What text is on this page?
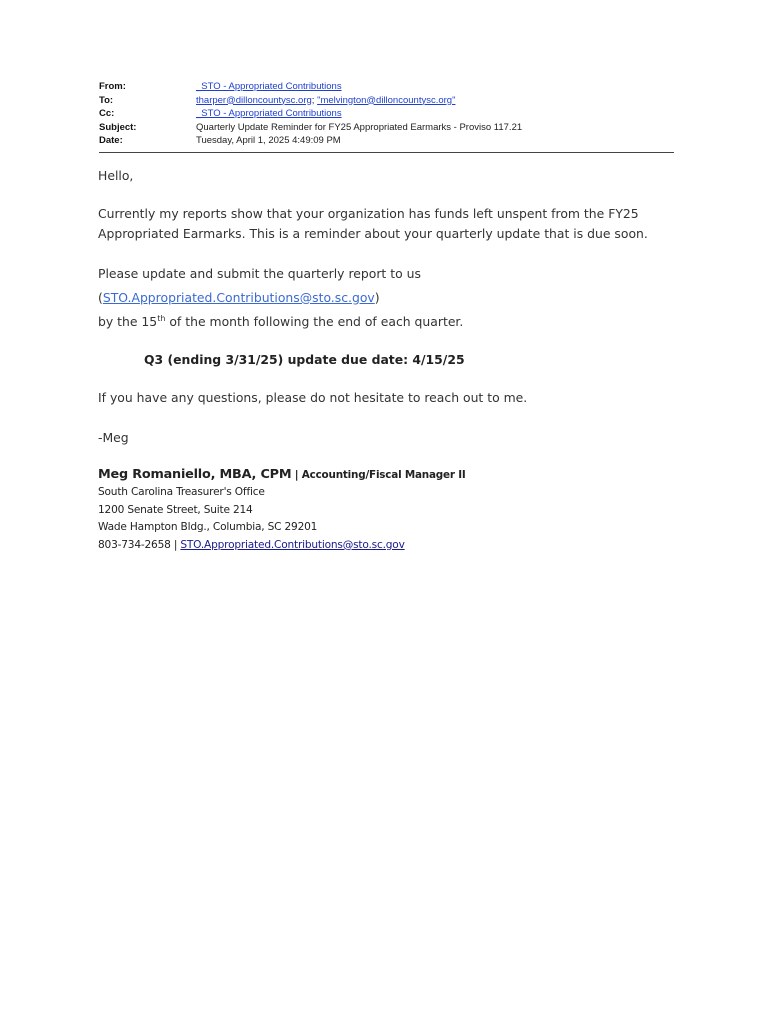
From:	_STO - Appropriated Contributions
To:	tharper@dilloncountysc.org; "melvington@dilloncountysc.org"
Cc:	_STO - Appropriated Contributions
Subject:	Quarterly Update Reminder for FY25 Appropriated Earmarks - Proviso 117.21
Date:	Tuesday, April 1, 2025 4:49:09 PM

Hello,

Currently my reports show that your organization has funds left unspent from the FY25 Appropriated Earmarks. This is a reminder about your quarterly update that is due soon.

Please update and submit the quarterly report to us (STO.Appropriated.Contributions@sto.sc.gov)
by the 15th of the month following the end of each quarter.

Q3 (ending 3/31/25) update due date: 4/15/25

If you have any questions, please do not hesitate to reach out to me.

-Meg

Meg Romaniello, MBA, CPM | Accounting/Fiscal Manager II
South Carolina Treasurer's Office
1200 Senate Street, Suite 214
Wade Hampton Bldg., Columbia, SC 29201
803-734-2658 | STO.Appropriated.Contributions@sto.sc.gov
